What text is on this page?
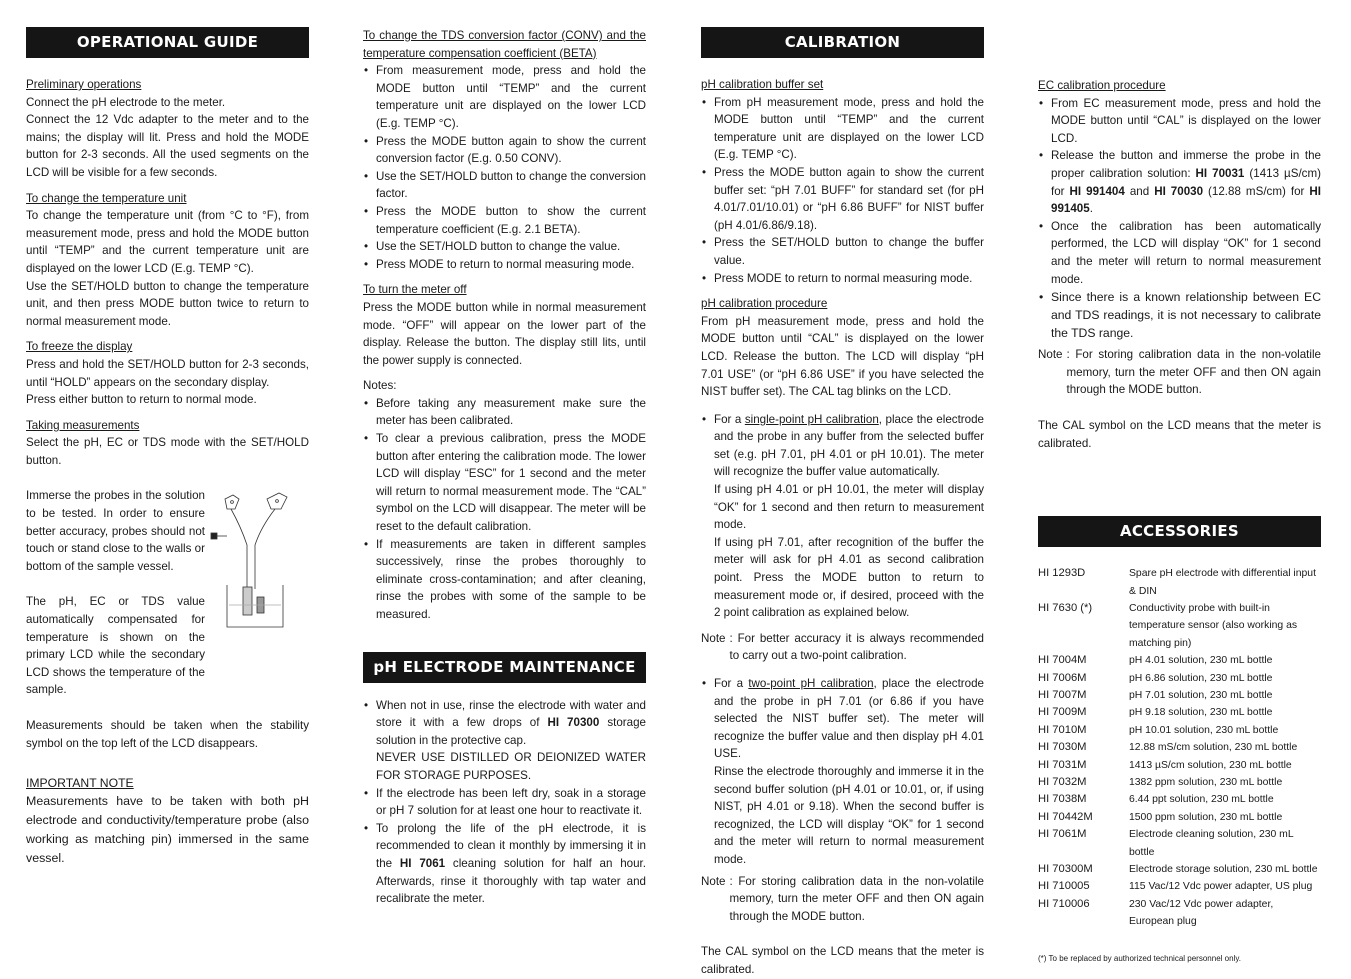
OPERATIONAL GUIDE
Preliminary operations

Connect the pH electrode to the meter.

Connect the 12 Vdc adapter to the meter and to the mains; the display will lit. Press and hold the MODE button for 2-3 seconds. All the used segments on the LCD will be visible for a few seconds.

To change the temperature unit

To change the temperature unit (from °C to °F), from measurement mode, press and hold the MODE button until “TEMP” and the current temperature unit are displayed on the lower LCD (E.g. TEMP °C).

Use the SET/HOLD button to change the temperature unit, and then press MODE button twice to return to normal measurement mode.

To freeze the display

Press and hold the SET/HOLD button for 2-3 seconds, until “HOLD” appears on the secondary display.

Press either button to return to normal mode.

Taking measurements

Select the pH, EC or TDS mode with the SET/HOLD button.

Immerse the probes in the solution to be tested. In order to ensure better accuracy, probes should not touch or stand close to the walls or bottom of the sample vessel.

The pH, EC or TDS value automatically compensated for temperature is shown on the primary LCD while the secondary LCD shows the temperature of the sample.

Measurements should be taken when the stability symbol on the top left of the LCD disappears.

IMPORTANT NOTE

Measurements have to be taken with both pH electrode and conductivity/temperature probe (also working as matching pin) immersed in the same vessel.

To change the TDS conversion factor (CONV) and the temperature compensation coefficient (BETA)
• From measurement mode, press and hold the MODE button until “TEMP” and the current temperature unit are displayed on the lower LCD (E.g. TEMP °C).
• Press the MODE button again to show the current conversion factor (E.g. 0.50 CONV).
• Use the SET/HOLD button to change the conversion factor.
• Press the MODE button to show the current temperature coefficient (E.g. 2.1 BETA).
• Use the SET/HOLD button to change the value.
• Press MODE to return to normal measuring mode.
To turn the meter off

Press the MODE button while in normal measurement mode. “OFF” will appear on the lower part of the display. Release the button. The display still lits, until the power supply is connected.

Notes:
• Before taking any measurement make sure the meter has been calibrated.
• To clear a previous calibration, press the MODE button after entering the calibration mode. The lower LCD will display “ESC” for 1 second and the meter will return to normal measurement mode. The “CAL” symbol on the LCD will disappear. The meter will be reset to the default calibration.
• If measurements are taken in different samples successively, rinse the probes thoroughly to eliminate cross-contamination; and after cleaning, rinse the probes with some of the sample to be measured.
pH ELECTRODE MAINTENANCE
• When not in use, rinse the electrode with water and store it with a few drops of HI 70300 storage solution in the protective cap.
NEVER USE DISTILLED OR DEIONIZED WATER FOR STORAGE PURPOSES.
• If the electrode has been left dry, soak in a storage or pH 7 solution for at least one hour to reactivate it.
• To prolong the life of the pH electrode, it is recommended to clean it monthly by immersing it in the HI 7061 cleaning solution for half an hour. Afterwards, rinse it thoroughly with tap water and recalibrate the meter.
CALIBRATION
pH calibration buffer set
• From pH measurement mode, press and hold the MODE button until “TEMP” and the current temperature unit are displayed on the lower LCD (E.g. TEMP °C).
• Press the MODE button again to show the current buffer set: “pH 7.01 BUFF” for standard set (for pH 4.01/7.01/10.01) or “pH 6.86 BUFF” for NIST buffer (pH 4.01/6.86/9.18).
• Press the SET/HOLD button to change the buffer value.
• Press MODE to return to normal measuring mode.
pH calibration procedure

From pH measurement mode, press and hold the MODE button until “CAL” is displayed on the lower LCD. Release the button. The LCD will display “pH 7.01 USE” (or “pH 6.86 USE” if you have selected the NIST buffer set). The CAL tag blinks on the LCD.

• For a single-point pH calibration, place the electrode and the probe in any buffer from the selected buffer set (e.g. pH 7.01, pH 4.01 or pH 10.01). The meter will recognize the buffer value automatically.
If using pH 4.01 or pH 10.01, the meter will display “OK” for 1 second and then return to measurement mode.
If using pH 7.01, after recognition of the buffer the meter will ask for pH 4.01 as second calibration point. Press the MODE button to return to measurement mode or, if desired, proceed with the 2 point calibration as explained below.
Note : For better accuracy it is always recommended to carry out a two-point calibration.
• For a two-point pH calibration, place the electrode and the probe in pH 7.01 (or 6.86 if you have selected the NIST buffer set). The meter will recognize the buffer value and then display pH 4.01 USE.
Rinse the electrode thoroughly and immerse it in the second buffer solution (pH 4.01 or 10.01, or, if using NIST, pH 4.01 or 9.18). When the second buffer is recognized, the LCD will display “OK” for 1 second and the meter will return to normal measurement mode.
Note : For storing calibration data in the non-volatile memory, turn the meter OFF and then ON again through the MODE button.

The CAL symbol on the LCD means that the meter is calibrated.

EC calibration procedure
• From EC measurement mode, press and hold the MODE button until “CAL” is displayed on the lower LCD.
• Release the button and immerse the probe in the proper calibration solution: HI 70031 (1413 µS/cm) for HI 991404 and HI 70030 (12.88 mS/cm) for HI 991405.
• Once the calibration has been automatically performed, the LCD will display “OK” for 1 second and the meter will return to normal measurement mode.
• Since there is a known relationship between EC and TDS readings, it is not necessary to calibrate the TDS range.
Note : For storing calibration data in the non-volatile memory, turn the meter OFF and then ON again through the MODE button.

The CAL symbol on the LCD means that the meter is calibrated.

ACCESSORIES
HI 1293D	Spare pH electrode with differential input & DIN
HI 7630 (*)	Conductivity probe with built-in temperature sensor (also working as matching pin)
HI 7004M	pH 4.01 solution, 230 mL bottle
HI 7006M	pH 6.86 solution, 230 mL bottle
HI 7007M	pH 7.01 solution, 230 mL bottle
HI 7009M	pH 9.18 solution, 230 mL bottle
HI 7010M	pH 10.01 solution, 230 mL bottle
HI 7030M	12.88 mS/cm solution, 230 mL bottle
HI 7031M	1413 µS/cm solution, 230 mL bottle
HI 7032M	1382 ppm solution, 230 mL bottle
HI 7038M	6.44 ppt solution, 230 mL bottle
HI 70442M	1500 ppm solution, 230 mL bottle
HI 7061M	Electrode cleaning solution, 230 mL bottle
HI 70300M	Electrode storage solution, 230 mL bottle
HI 710005	115 Vac/12 Vdc power adapter, US plug
HI 710006	230 Vac/12 Vdc power adapter, European plug
(*) To be replaced by authorized technical personnel only.
